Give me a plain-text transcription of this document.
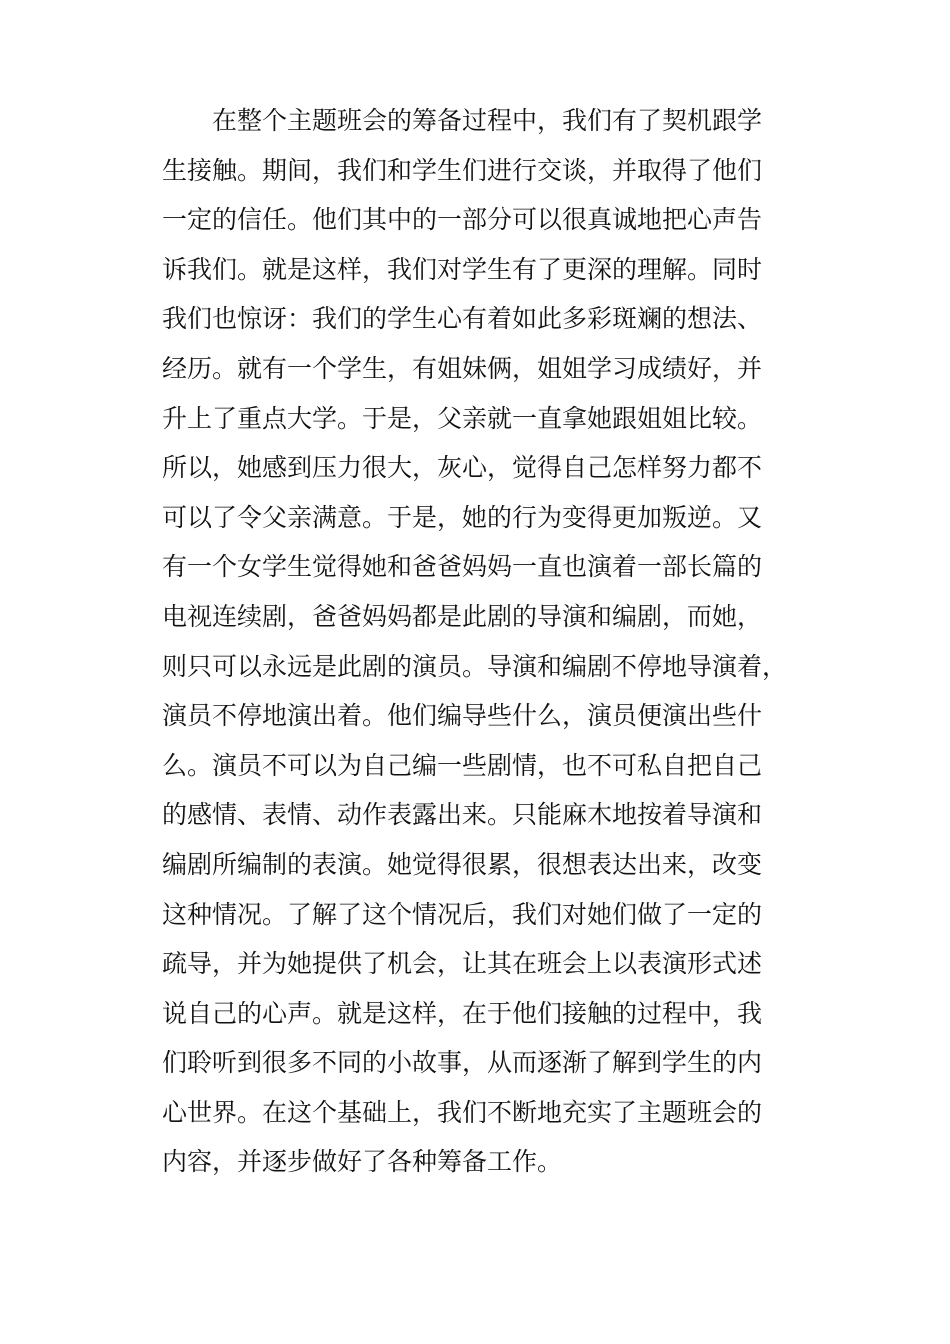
在整个主题班会的筹备过程中，我们有了契机跟学
生接触。期间，我们和学生们进行交谈，并取得了他们
一定的信任。他们其中的一部分可以很真诚地把心声告
诉我们。就是这样，我们对学生有了更深的理解。同时
我们也惊讶：我们的学生心有着如此多彩斑斓的想法、
经历。就有一个学生，有姐妹俩，姐姐学习成绩好，并
升上了重点大学。于是，父亲就一直拿她跟姐姐比较。
所以，她感到压力很大，灰心，觉得自己怎样努力都不
可以了令父亲满意。于是，她的行为变得更加叛逆。又
有一个女学生觉得她和爸爸妈妈一直也演着一部长篇的
电视连续剧，爸爸妈妈都是此剧的导演和编剧，而她，
则只可以永远是此剧的演员。导演和编剧不停地导演着，
演员不停地演出着。他们编导些什么，演员便演出些什
么。演员不可以为自己编一些剧情，也不可私自把自己
的感情、表情、动作表露出来。只能麻木地按着导演和
编剧所编制的表演。她觉得很累，很想表达出来，改变
这种情况。了解了这个情况后，我们对她们做了一定的
疏导，并为她提供了机会，让其在班会上以表演形式述
说自己的心声。就是这样，在于他们接触的过程中，我
们聆听到很多不同的小故事，从而逐渐了解到学生的内
心世界。在这个基础上，我们不断地充实了主题班会的
内容，并逐步做好了各种筹备工作。
